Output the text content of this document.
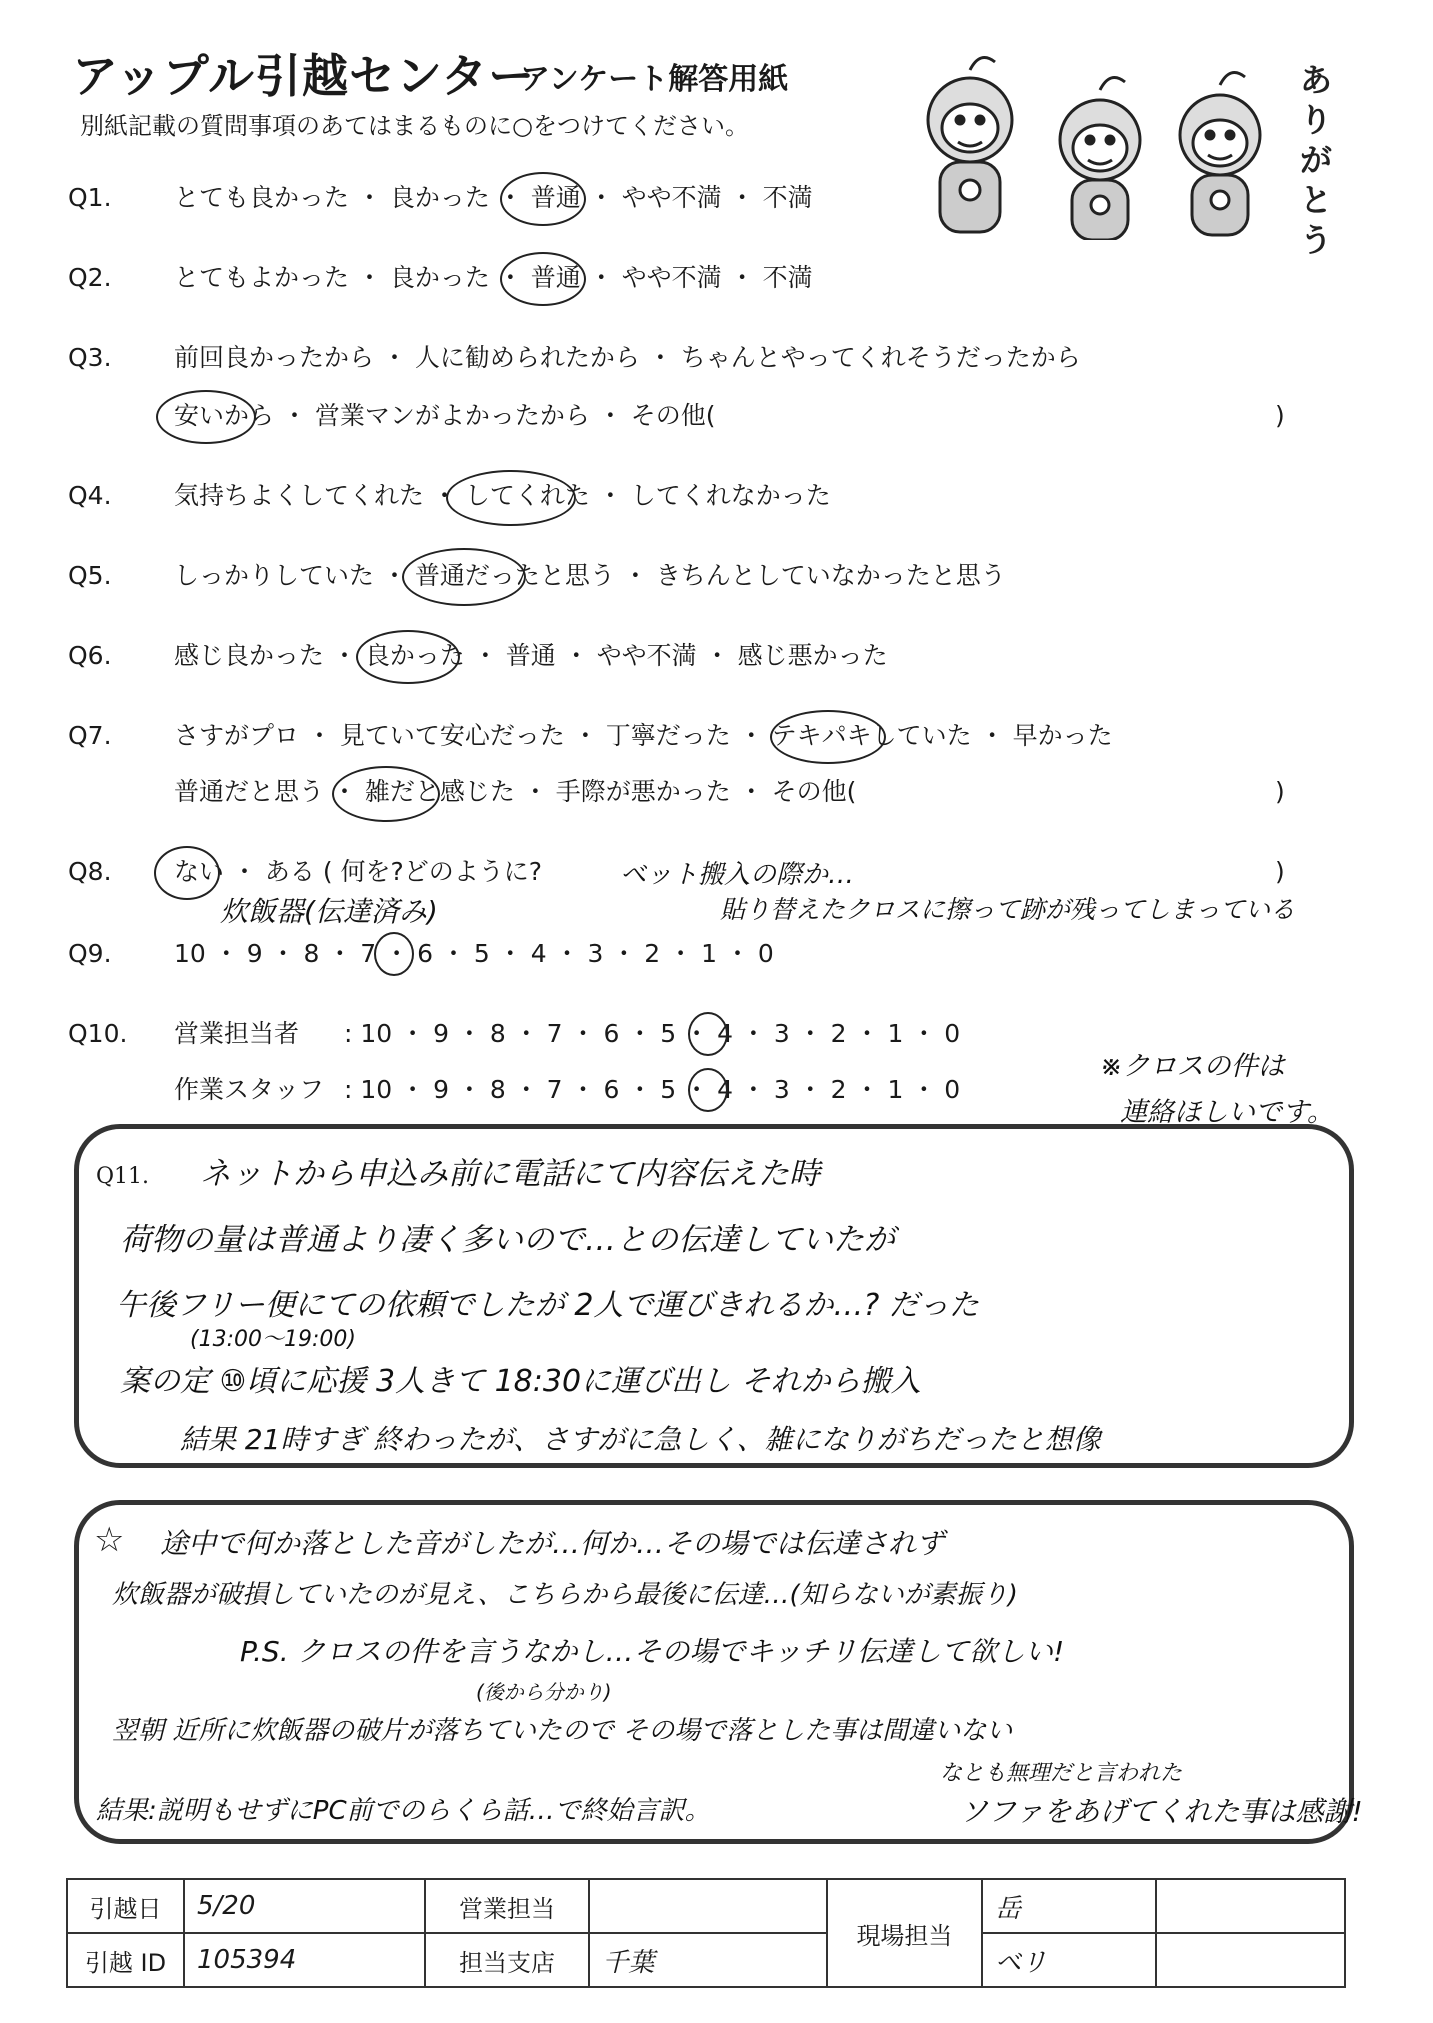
アップル引越センター
アンケート解答用紙
別紙記載の質問事項のあてはまるものに○をつけてください。
ありがとう
Q1. とても良かった ・ 良かった ・ 普通 ・ やや不満 ・ 不満
Q2. とてもよかった ・ 良かった ・ 普通 ・ やや不満 ・ 不満
Q3. 前回良かったから ・ 人に勧められたから ・ ちゃんとやってくれそうだったから
安いから ・ 営業マンがよかったから ・ その他(	)
Q4. 気持ちよくしてくれた ・ してくれた ・ してくれなかった
Q5. しっかりしていた ・ 普通だったと思う ・ きちんとしていなかったと思う
Q6. 感じ良かった ・ 良かった ・ 普通 ・ やや不満 ・ 感じ悪かった
Q7. さすがプロ ・ 見ていて安心だった ・ 丁寧だった ・ テキパキしていた ・ 早かった
普通だと思う ・ 雑だと感じた ・ 手際が悪かった ・ その他(	)
Q8. ない ・ ある ( 何を?どのように?	)
炊飯器(伝達済み)
ベット搬入の際か…
貼り替えたクロスに擦って跡が残ってしまっている
Q9. 10 ・ 9 ・ 8 ・ 7 ・ 6 ・ 5 ・ 4 ・ 3 ・ 2 ・ 1 ・ 0
Q10. 営業担当者 : 10 ・ 9 ・ 8 ・ 7 ・ 6 ・ 5 ・ 4 ・ 3 ・ 2 ・ 1 ・ 0
作業スタッフ : 10 ・ 9 ・ 8 ・ 7 ・ 6 ・ 5 ・ 4 ・ 3 ・ 2 ・ 1 ・ 0
※クロスの件は
連絡ほしいです。
Q11. ネットから申込み前に電話にて内容伝えた時
荷物の量は普通より凄く多いので…との伝達していたが
午後フリー便にての依頼でしたが 2人で運びきれるか…? だった
(13:00〜19:00)
案の定 ⑩頃に応援 3人きて 18:30に運び出し それから搬入
結果 21時すぎ 終わったが、さすがに急しく、雑になりがちだったと想像
☆ 途中で何か落とした音がしたが…何か…その場では伝達されず
炊飯器が破損していたのが見え、こちらから最後に伝達…(知らないが素振り)
P.S. クロスの件を言うなかし…その場でキッチリ伝達して欲しい!
(後から分かり)
翌朝 近所に炊飯器の破片が落ちていたので その場で落とした事は間違いない
なとも無理だと言われた
結果:説明もせずにPC前でのらくら話…で終始言訳。	ソファをあげてくれた事は感謝!
引越日	5/20	営業担当		現場担当	岳	
引越 ID	105394	担当支店	千葉		ベリ	
